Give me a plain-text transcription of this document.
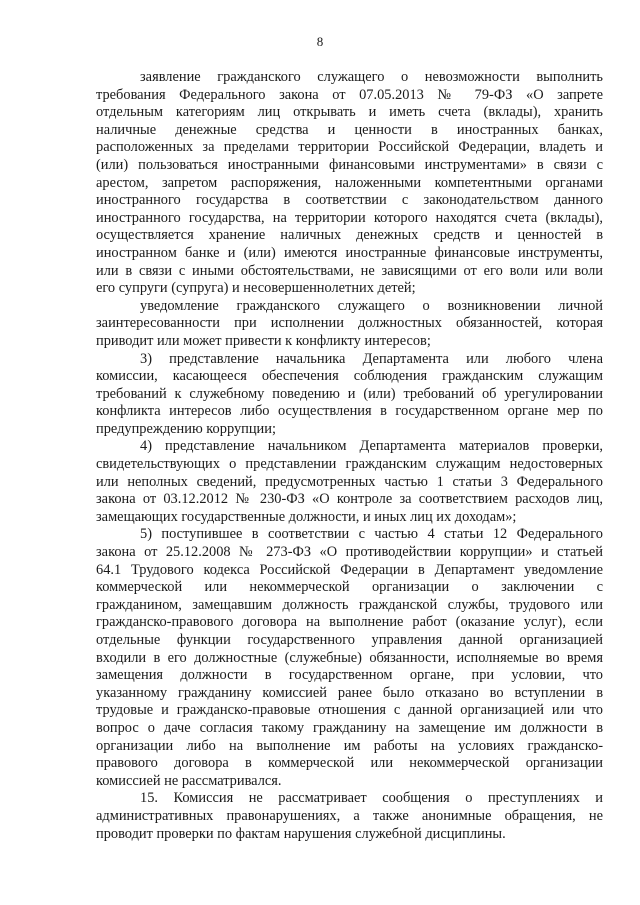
8
заявление гражданского служащего о невозможности выполнить
требования Федерального закона от 07.05.2013 № 79-ФЗ «О запрете
отдельным категориям лиц открывать и иметь счета (вклады), хранить
наличные денежные средства и ценности в иностранных банках,
расположенных за пределами территории Российской Федерации, владеть и
(или) пользоваться иностранными финансовыми инструментами» в связи с
арестом, запретом распоряжения, наложенными компетентными органами
иностранного государства в соответствии с законодательством данного
иностранного государства, на территории которого находятся счета (вклады),
осуществляется хранение наличных денежных средств и ценностей в
иностранном банке и (или) имеются иностранные финансовые инструменты,
или в связи с иными обстоятельствами, не зависящими от его воли или воли
его супруги (супруга) и несовершеннолетних детей;
уведомление гражданского служащего о возникновении личной
заинтересованности при исполнении должностных обязанностей, которая
приводит или может привести к конфликту интересов;
3) представление начальника Департамента или любого члена
комиссии, касающееся обеспечения соблюдения гражданским служащим
требований к служебному поведению и (или) требований об урегулировании
конфликта интересов либо осуществления в государственном органе мер по
предупреждению коррупции;
4) представление начальником Департамента материалов проверки,
свидетельствующих о представлении гражданским служащим недостоверных
или неполных сведений, предусмотренных частью 1 статьи 3 Федерального
закона от 03.12.2012 № 230-ФЗ «О контроле за соответствием расходов лиц,
замещающих государственные должности, и иных лиц их доходам»;
5) поступившее в соответствии с частью 4 статьи 12 Федерального
закона от 25.12.2008 № 273-ФЗ «О противодействии коррупции» и статьей
64.1 Трудового кодекса Российской Федерации в Департамент уведомление
коммерческой или некоммерческой организации о заключении с
гражданином, замещавшим должность гражданской службы, трудового или
гражданско-правового договора на выполнение работ (оказание услуг), если
отдельные функции государственного управления данной организацией
входили в его должностные (служебные) обязанности, исполняемые во время
замещения должности в государственном органе, при условии, что
указанному гражданину комиссией ранее было отказано во вступлении в
трудовые и гражданско-правовые отношения с данной организацией или что
вопрос о даче согласия такому гражданину на замещение им должности в
организации либо на выполнение им работы на условиях гражданско-
правового договора в коммерческой или некоммерческой организации
комиссией не рассматривался.
15. Комиссия не рассматривает сообщения о преступлениях и
административных правонарушениях, а также анонимные обращения, не
проводит проверки по фактам нарушения служебной дисциплины.
